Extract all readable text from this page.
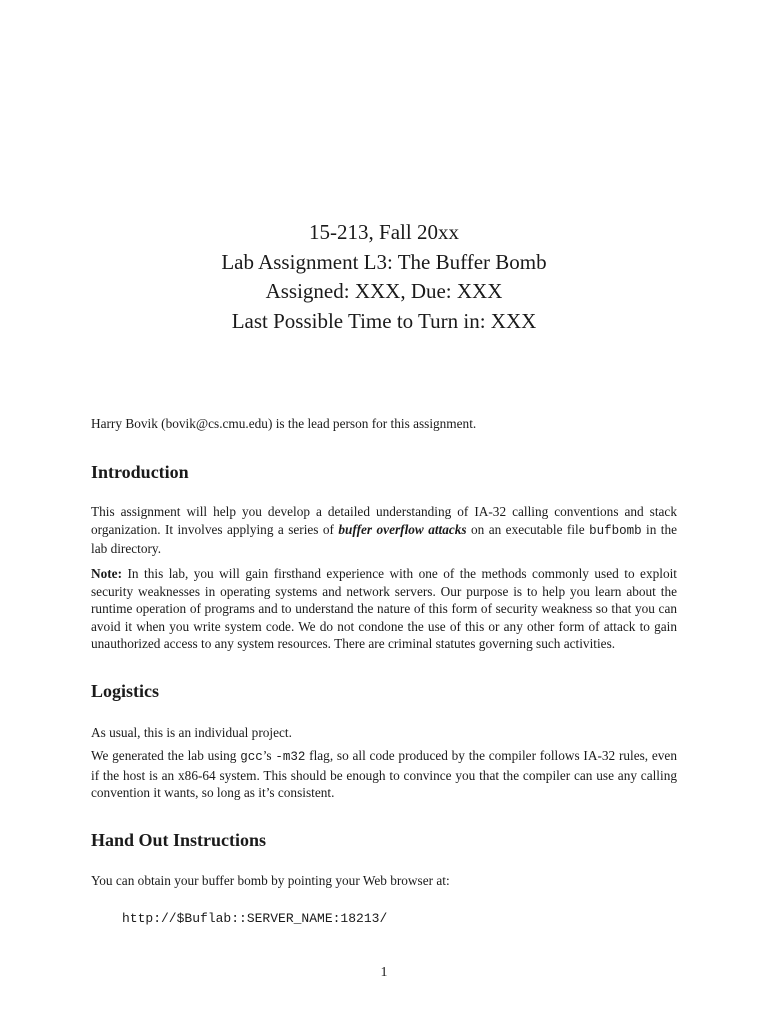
15-213, Fall 20xx
Lab Assignment L3: The Buffer Bomb
Assigned: XXX, Due: XXX
Last Possible Time to Turn in: XXX

Harry Bovik (bovik@cs.cmu.edu) is the lead person for this assignment.

Introduction

This assignment will help you develop a detailed understanding of IA-32 calling conventions and stack organization. It involves applying a series of buffer overflow attacks on an executable file bufbomb in the lab directory.

Note: In this lab, you will gain firsthand experience with one of the methods commonly used to exploit security weaknesses in operating systems and network servers. Our purpose is to help you learn about the runtime operation of programs and to understand the nature of this form of security weakness so that you can avoid it when you write system code. We do not condone the use of this or any other form of attack to gain unauthorized access to any system resources. There are criminal statutes governing such activities.

Logistics

As usual, this is an individual project.

We generated the lab using gcc’s -m32 flag, so all code produced by the compiler follows IA-32 rules, even if the host is an x86-64 system. This should be enough to convince you that the compiler can use any calling convention it wants, so long as it’s consistent.

Hand Out Instructions

You can obtain your buffer bomb by pointing your Web browser at:

http://$Buflab::SERVER_NAME:18213/
1
